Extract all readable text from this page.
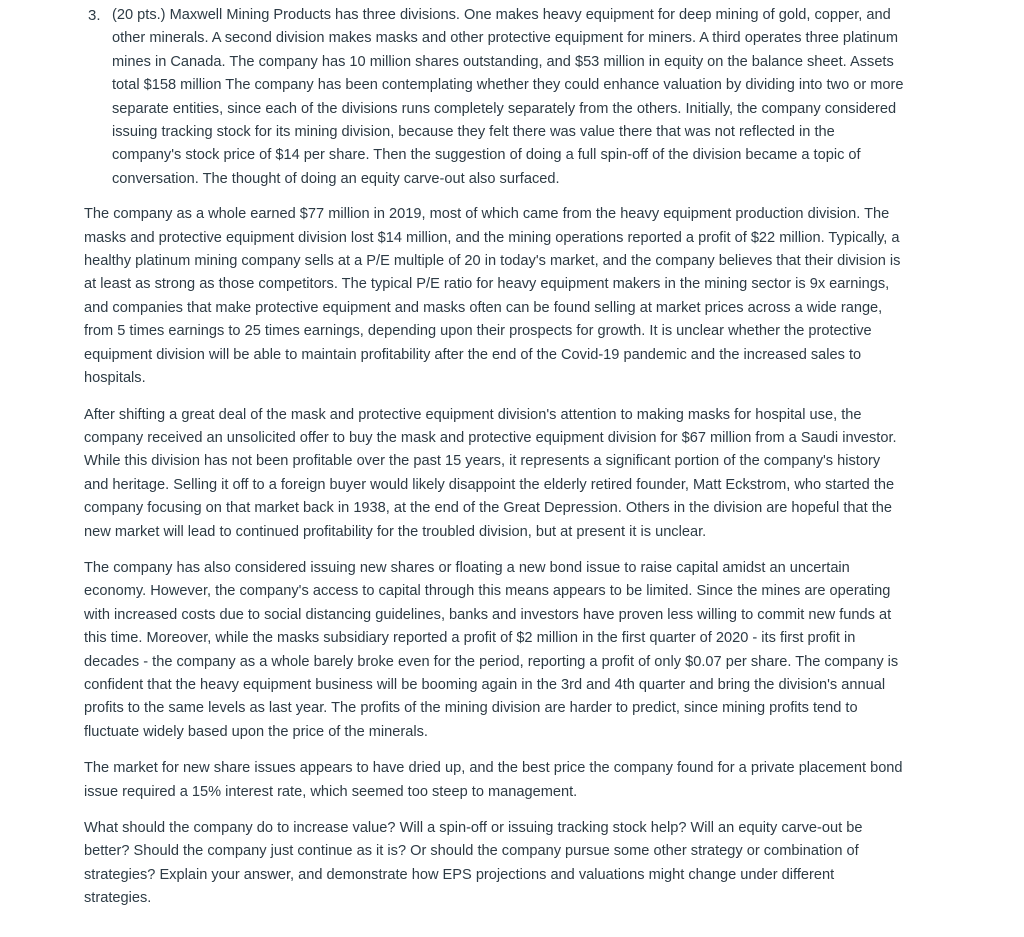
3. (20 pts.) Maxwell Mining Products has three divisions. One makes heavy equipment for deep mining of gold, copper, and other minerals. A second division makes masks and other protective equipment for miners. A third operates three platinum mines in Canada. The company has 10 million shares outstanding, and $53 million in equity on the balance sheet. Assets total $158 million The company has been contemplating whether they could enhance valuation by dividing into two or more separate entities, since each of the divisions runs completely separately from the others. Initially, the company considered issuing tracking stock for its mining division, because they felt there was value there that was not reflected in the company's stock price of $14 per share. Then the suggestion of doing a full spin-off of the division became a topic of conversation. The thought of doing an equity carve-out also surfaced.

The company as a whole earned $77 million in 2019, most of which came from the heavy equipment production division. The masks and protective equipment division lost $14 million, and the mining operations reported a profit of $22 million. Typically, a healthy platinum mining company sells at a P/E multiple of 20 in today's market, and the company believes that their division is at least as strong as those competitors. The typical P/E ratio for heavy equipment makers in the mining sector is 9x earnings, and companies that make protective equipment and masks often can be found selling at market prices across a wide range, from 5 times earnings to 25 times earnings, depending upon their prospects for growth. It is unclear whether the protective equipment division will be able to maintain profitability after the end of the Covid-19 pandemic and the increased sales to hospitals.

After shifting a great deal of the mask and protective equipment division's attention to making masks for hospital use, the company received an unsolicited offer to buy the mask and protective equipment division for $67 million from a Saudi investor. While this division has not been profitable over the past 15 years, it represents a significant portion of the company's history and heritage. Selling it off to a foreign buyer would likely disappoint the elderly retired founder, Matt Eckstrom, who started the company focusing on that market back in 1938, at the end of the Great Depression. Others in the division are hopeful that the new market will lead to continued profitability for the troubled division, but at present it is unclear.

The company has also considered issuing new shares or floating a new bond issue to raise capital amidst an uncertain economy. However, the company's access to capital through this means appears to be limited. Since the mines are operating with increased costs due to social distancing guidelines, banks and investors have proven less willing to commit new funds at this time. Moreover, while the masks subsidiary reported a profit of $2 million in the first quarter of 2020 - its first profit in decades - the company as a whole barely broke even for the period, reporting a profit of only $0.07 per share. The company is confident that the heavy equipment business will be booming again in the 3rd and 4th quarter and bring the division's annual profits to the same levels as last year. The profits of the mining division are harder to predict, since mining profits tend to fluctuate widely based upon the price of the minerals.

The market for new share issues appears to have dried up, and the best price the company found for a private placement bond issue required a 15% interest rate, which seemed too steep to management.

What should the company do to increase value? Will a spin-off or issuing tracking stock help? Will an equity carve-out be better? Should the company just continue as it is? Or should the company pursue some other strategy or combination of strategies? Explain your answer, and demonstrate how EPS projections and valuations might change under different strategies.
